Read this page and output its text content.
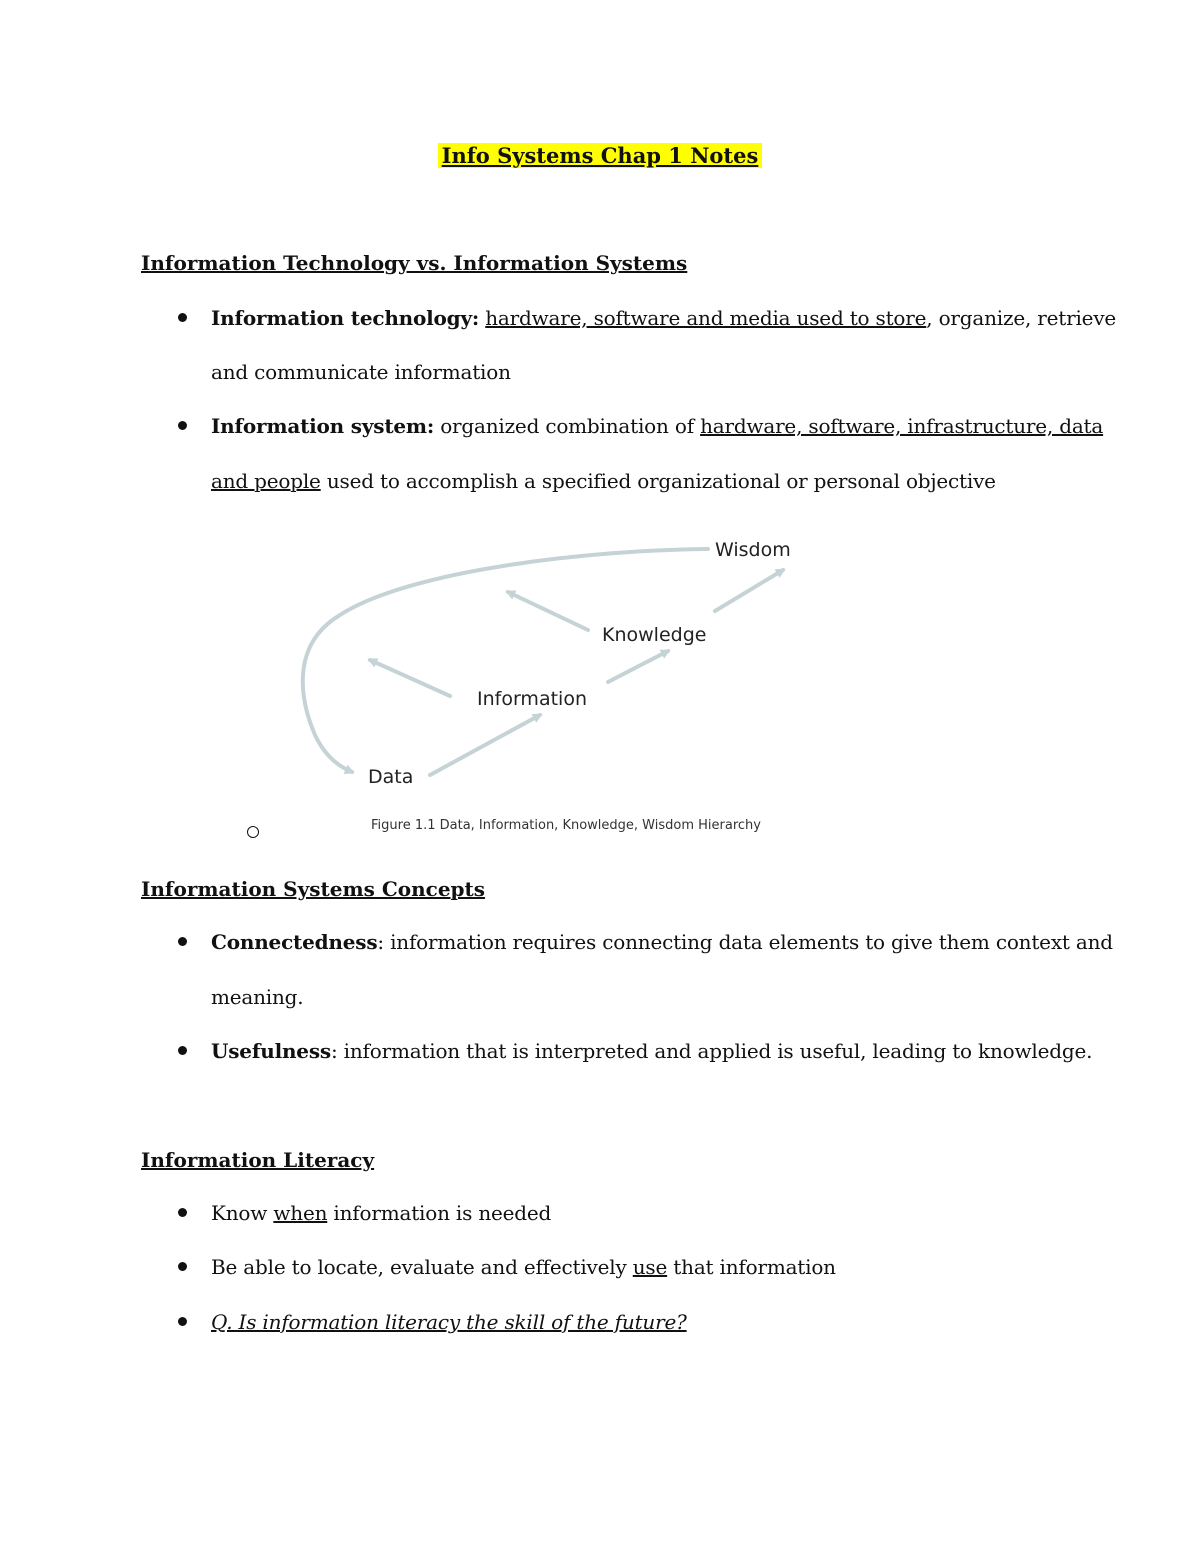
Info Systems Chap 1 Notes
Information Technology vs. Information Systems
Information technology: hardware, software and media used to store, organize, retrieve
and communicate information
Information system: organized combination of hardware, software, infrastructure, data
and people used to accomplish a specified organizational or personal objective
Wisdom
Knowledge
Information
Data
Figure 1.1 Data, Information, Knowledge, Wisdom Hierarchy
Information Systems Concepts
Connectedness: information requires connecting data elements to give them context and
meaning.
Usefulness: information that is interpreted and applied is useful, leading to knowledge.
Information Literacy
Know when information is needed
Be able to locate, evaluate and effectively use that information
Q. Is information literacy the skill of the future?
